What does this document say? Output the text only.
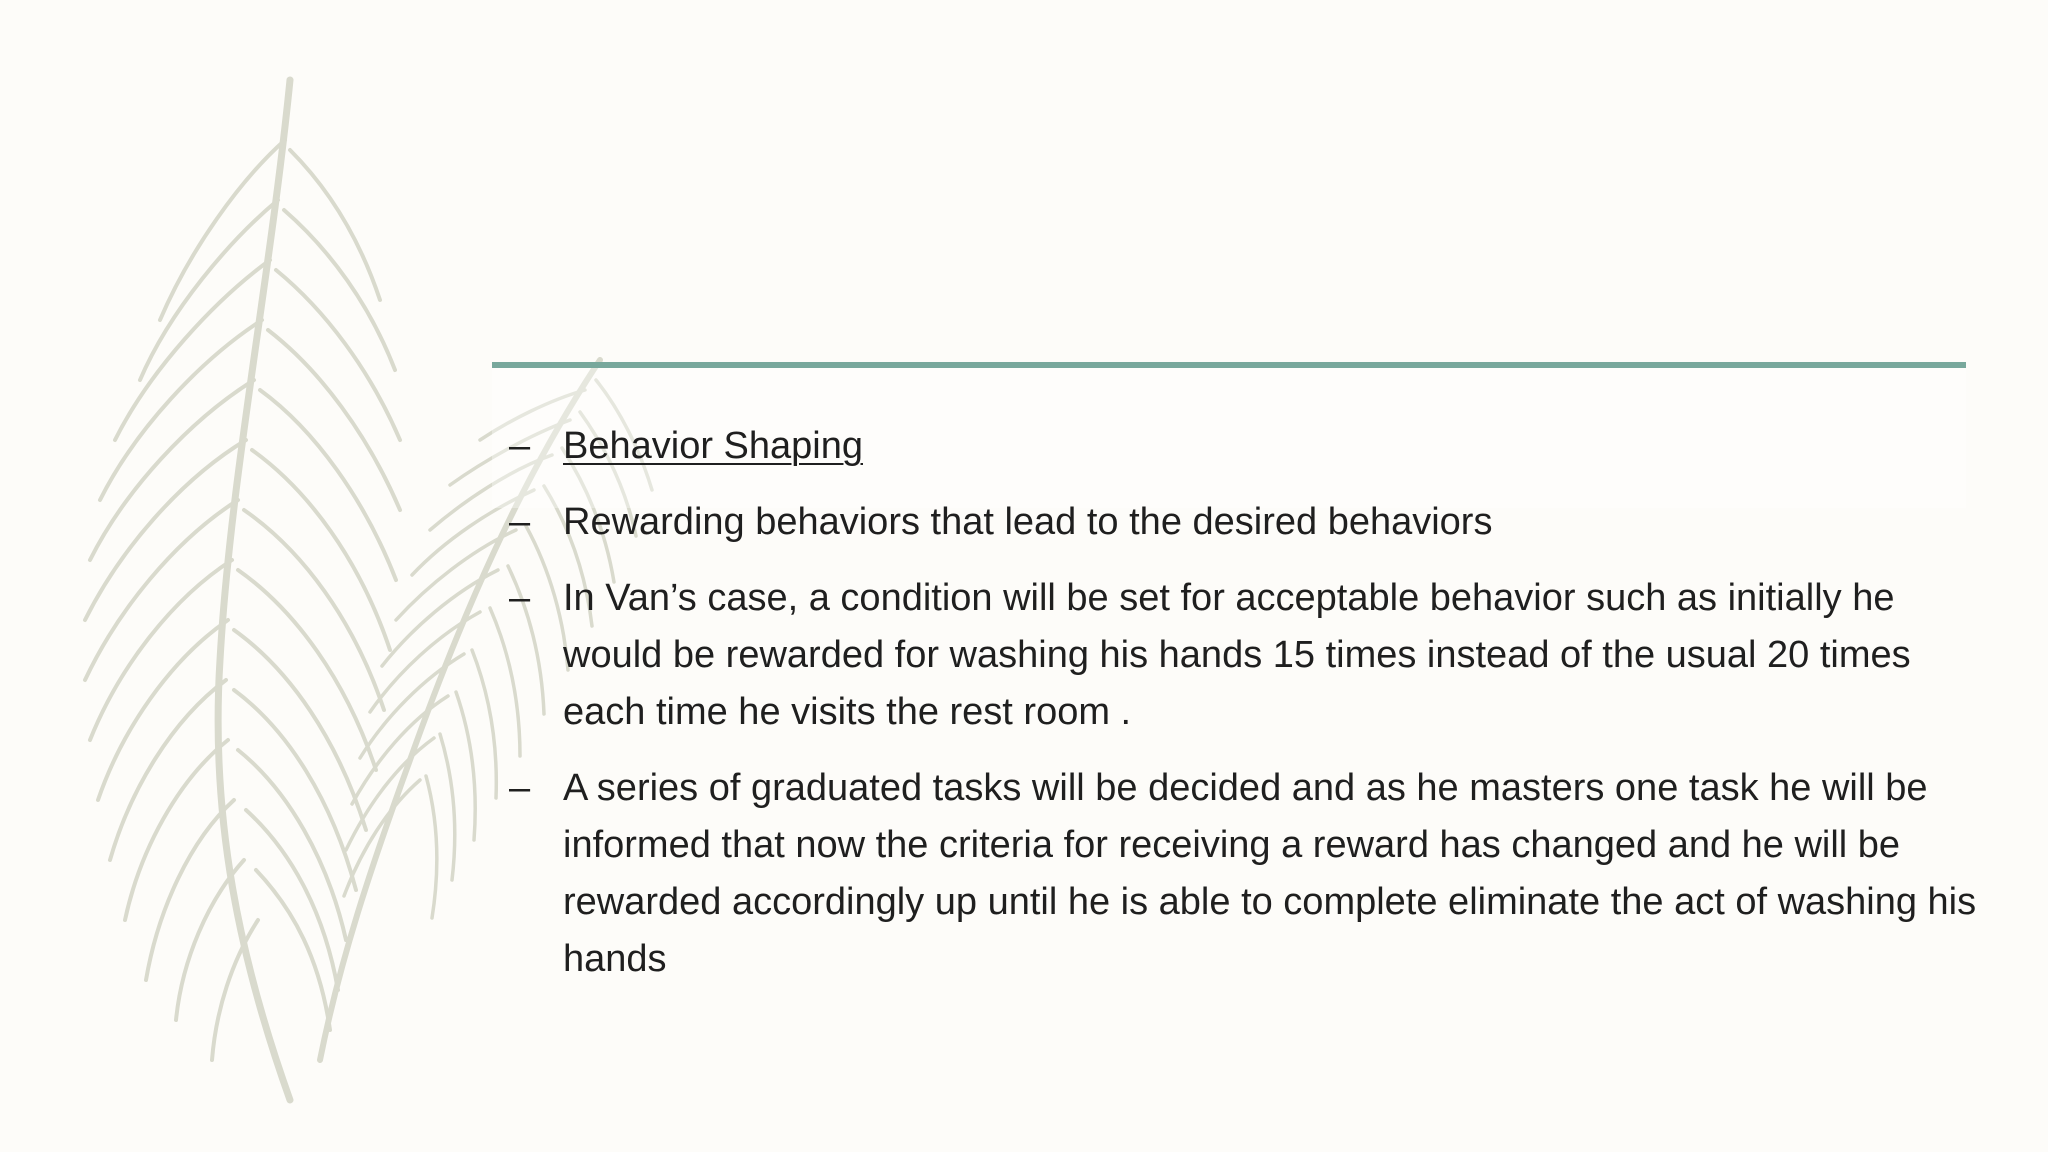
– Behavior Shaping
– Rewarding behaviors that lead to the desired behaviors
– In Van’s case, a condition will be set for acceptable behavior such as initially he would be rewarded for washing his hands 15 times instead of the usual 20 times each time he visits the rest room .
– A series of graduated tasks will be decided and as he masters one task he will be informed that now the criteria for receiving a reward has changed and he will be rewarded accordingly up until he is able to complete eliminate the act of washing his hands
